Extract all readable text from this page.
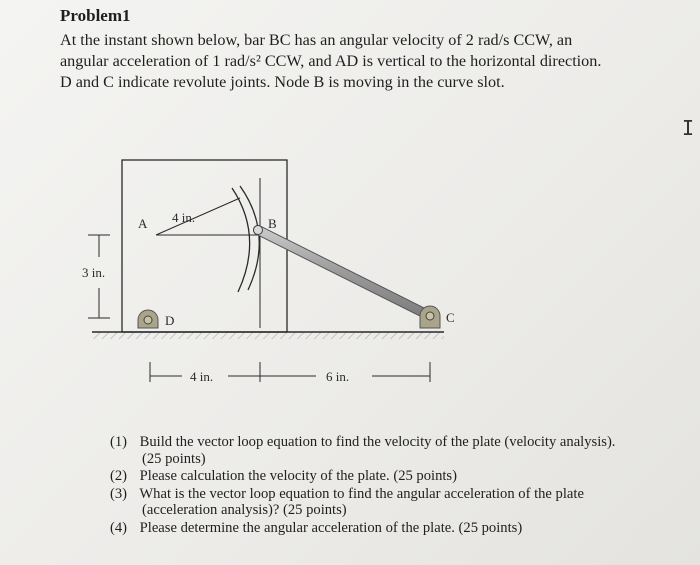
Problem1

At the instant shown below, bar BC has an angular velocity of 2 rad/s CCW, an
angular acceleration of 1 rad/s² CCW, and AD is vertical to the horizontal direction.
D and C indicate revolute joints. Node B is moving in the curve slot.

I
A	B
C
D
4 in.
3 in.
4 in.	6 in.
(1) Build the vector loop equation to find the velocity of the plate (velocity analysis).
(25 points)
(2) Please calculation the velocity of the plate. (25 points)
(3) What is the vector loop equation to find the angular acceleration of the plate
(acceleration analysis)? (25 points)
(4) Please determine the angular acceleration of the plate. (25 points)
